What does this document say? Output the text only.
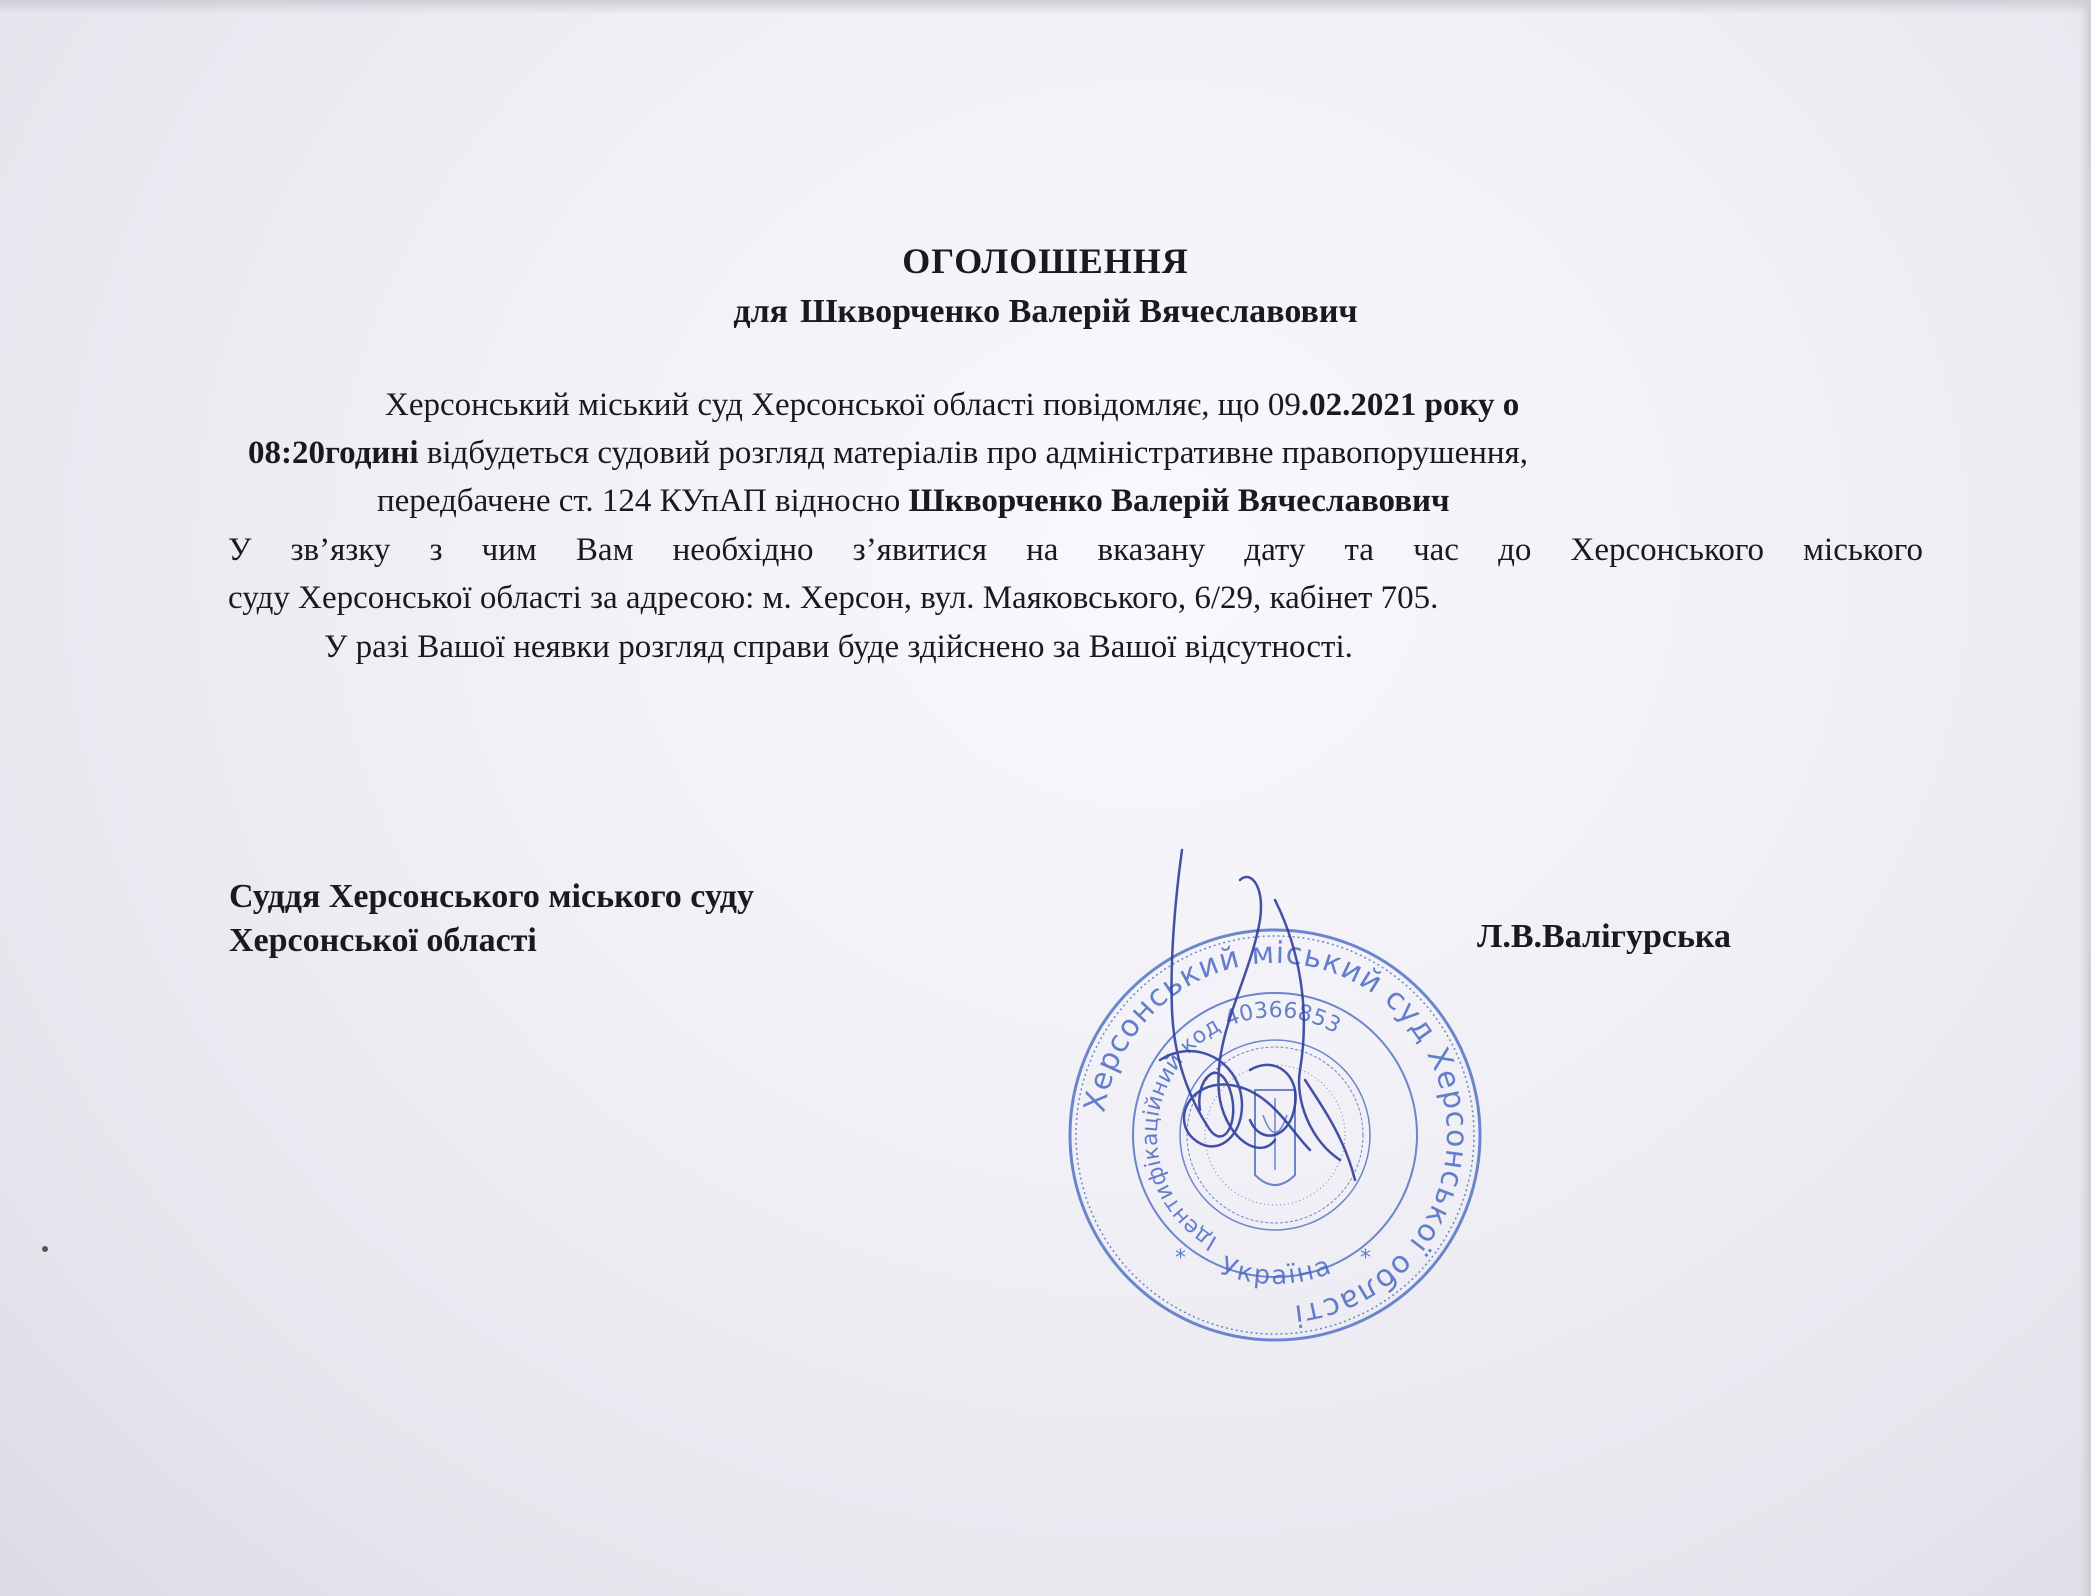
ОГОЛОШЕННЯ
для Шкворченко Валерій Вячеславович
Херсонський міський суд Херсонської області повідомляє, що 09.02.2021 року о
08:20годині відбудеться судовий розгляд матеріалів про адміністративне правопорушення,
передбачене ст. 124 КУпАП відносно Шкворченко Валерій Вячеславович
У зв’язку з чим Вам необхідно з’явитися на вказану дату та час до Херсонського міського
суду Херсонської області за адресою: м. Херсон, вул. Маяковського, 6/29, кабінет 705.
У разі Вашої неявки розгляд справи буде здійснено за Вашої відсутності.
Суддя Херсонського міського суду
Херсонської області	Л.В.Валігурська
Херсонський міський суд Херсонської області
Ідентифікаційний код 40366853
Україна
*	*
